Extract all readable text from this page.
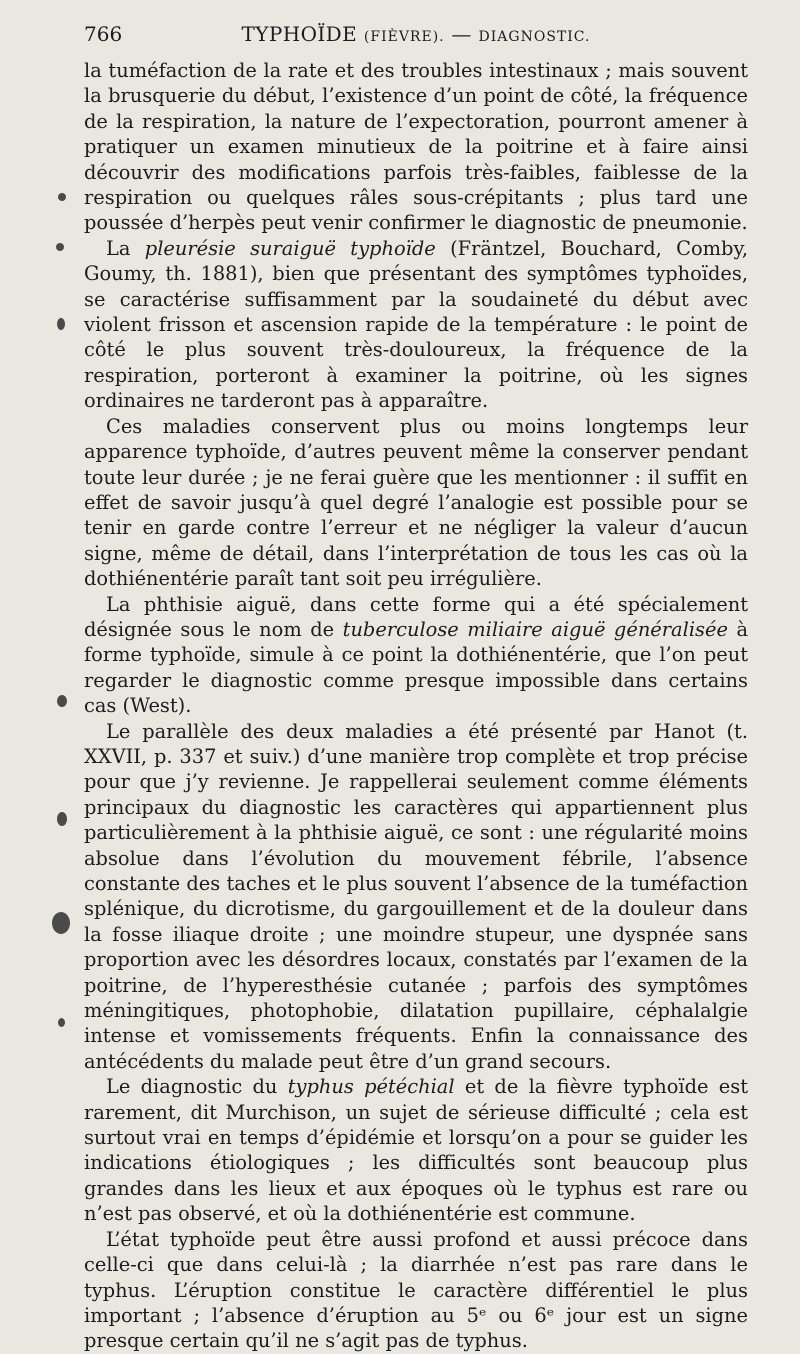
766	TYPHOÏDE (FIÈVRE). — DIAGNOSTIC.

la tuméfaction de la rate et des troubles intestinaux ; mais souvent la brusquerie du début, l’existence d’un point de côté, la fréquence de la respiration, la nature de l’expectoration, pourront amener à pratiquer un examen minutieux de la poitrine et à faire ainsi découvrir des modifications parfois très-faibles, faiblesse de la respiration ou quelques râles sous-crépitants ; plus tard une poussée d’herpès peut venir confirmer le diagnostic de pneumonie.

La pleurésie suraiguë typhoïde (Fräntzel, Bouchard, Comby, Goumy, th. 1881), bien que présentant des symptômes typhoïdes, se caractérise suffisamment par la soudaineté du début avec violent frisson et ascension rapide de la température : le point de côté le plus souvent très-douloureux, la fréquence de la respiration, porteront à examiner la poitrine, où les signes ordinaires ne tarderont pas à apparaître.

Ces maladies conservent plus ou moins longtemps leur apparence typhoïde, d’autres peuvent même la conserver pendant toute leur durée ; je ne ferai guère que les mentionner : il suffit en effet de savoir jusqu’à quel degré l’analogie est possible pour se tenir en garde contre l’erreur et ne négliger la valeur d’aucun signe, même de détail, dans l’interprétation de tous les cas où la dothiénentérie paraît tant soit peu irrégulière.

La phthisie aiguë, dans cette forme qui a été spécialement désignée sous le nom de tuberculose miliaire aiguë généralisée à forme typhoïde, simule à ce point la dothiénentérie, que l’on peut regarder le diagnostic comme presque impossible dans certains cas (West).

Le parallèle des deux maladies a été présenté par Hanot (t. XXVII, p. 337 et suiv.) d’une manière trop complète et trop précise pour que j’y revienne. Je rappellerai seulement comme éléments principaux du diagnostic les caractères qui appartiennent plus particulièrement à la phthisie aiguë, ce sont : une régularité moins absolue dans l’évolution du mouvement fébrile, l’absence constante des taches et le plus souvent l’absence de la tuméfaction splénique, du dicrotisme, du gargouillement et de la douleur dans la fosse iliaque droite ; une moindre stupeur, une dyspnée sans proportion avec les désordres locaux, constatés par l’examen de la poitrine, de l’hyperesthésie cutanée ; parfois des symptômes méningitiques, photophobie, dilatation pupillaire, céphalalgie intense et vomissements fréquents. Enfin la connaissance des antécédents du malade peut être d’un grand secours.

Le diagnostic du typhus pétéchial et de la fièvre typhoïde est rarement, dit Murchison, un sujet de sérieuse difficulté ; cela est surtout vrai en temps d’épidémie et lorsqu’on a pour se guider les indications étiologiques ; les difficultés sont beaucoup plus grandes dans les lieux et aux époques où le typhus est rare ou n’est pas observé, et où la dothiénentérie est commune.

L’état typhoïde peut être aussi profond et aussi précoce dans celle-ci que dans celui-là ; la diarrhée n’est pas rare dans le typhus. L’éruption constitue le caractère différentiel le plus important ; l’absence d’éruption au 5ᵉ ou 6ᵉ jour est un signe presque certain qu’il ne s’agit pas de typhus.
